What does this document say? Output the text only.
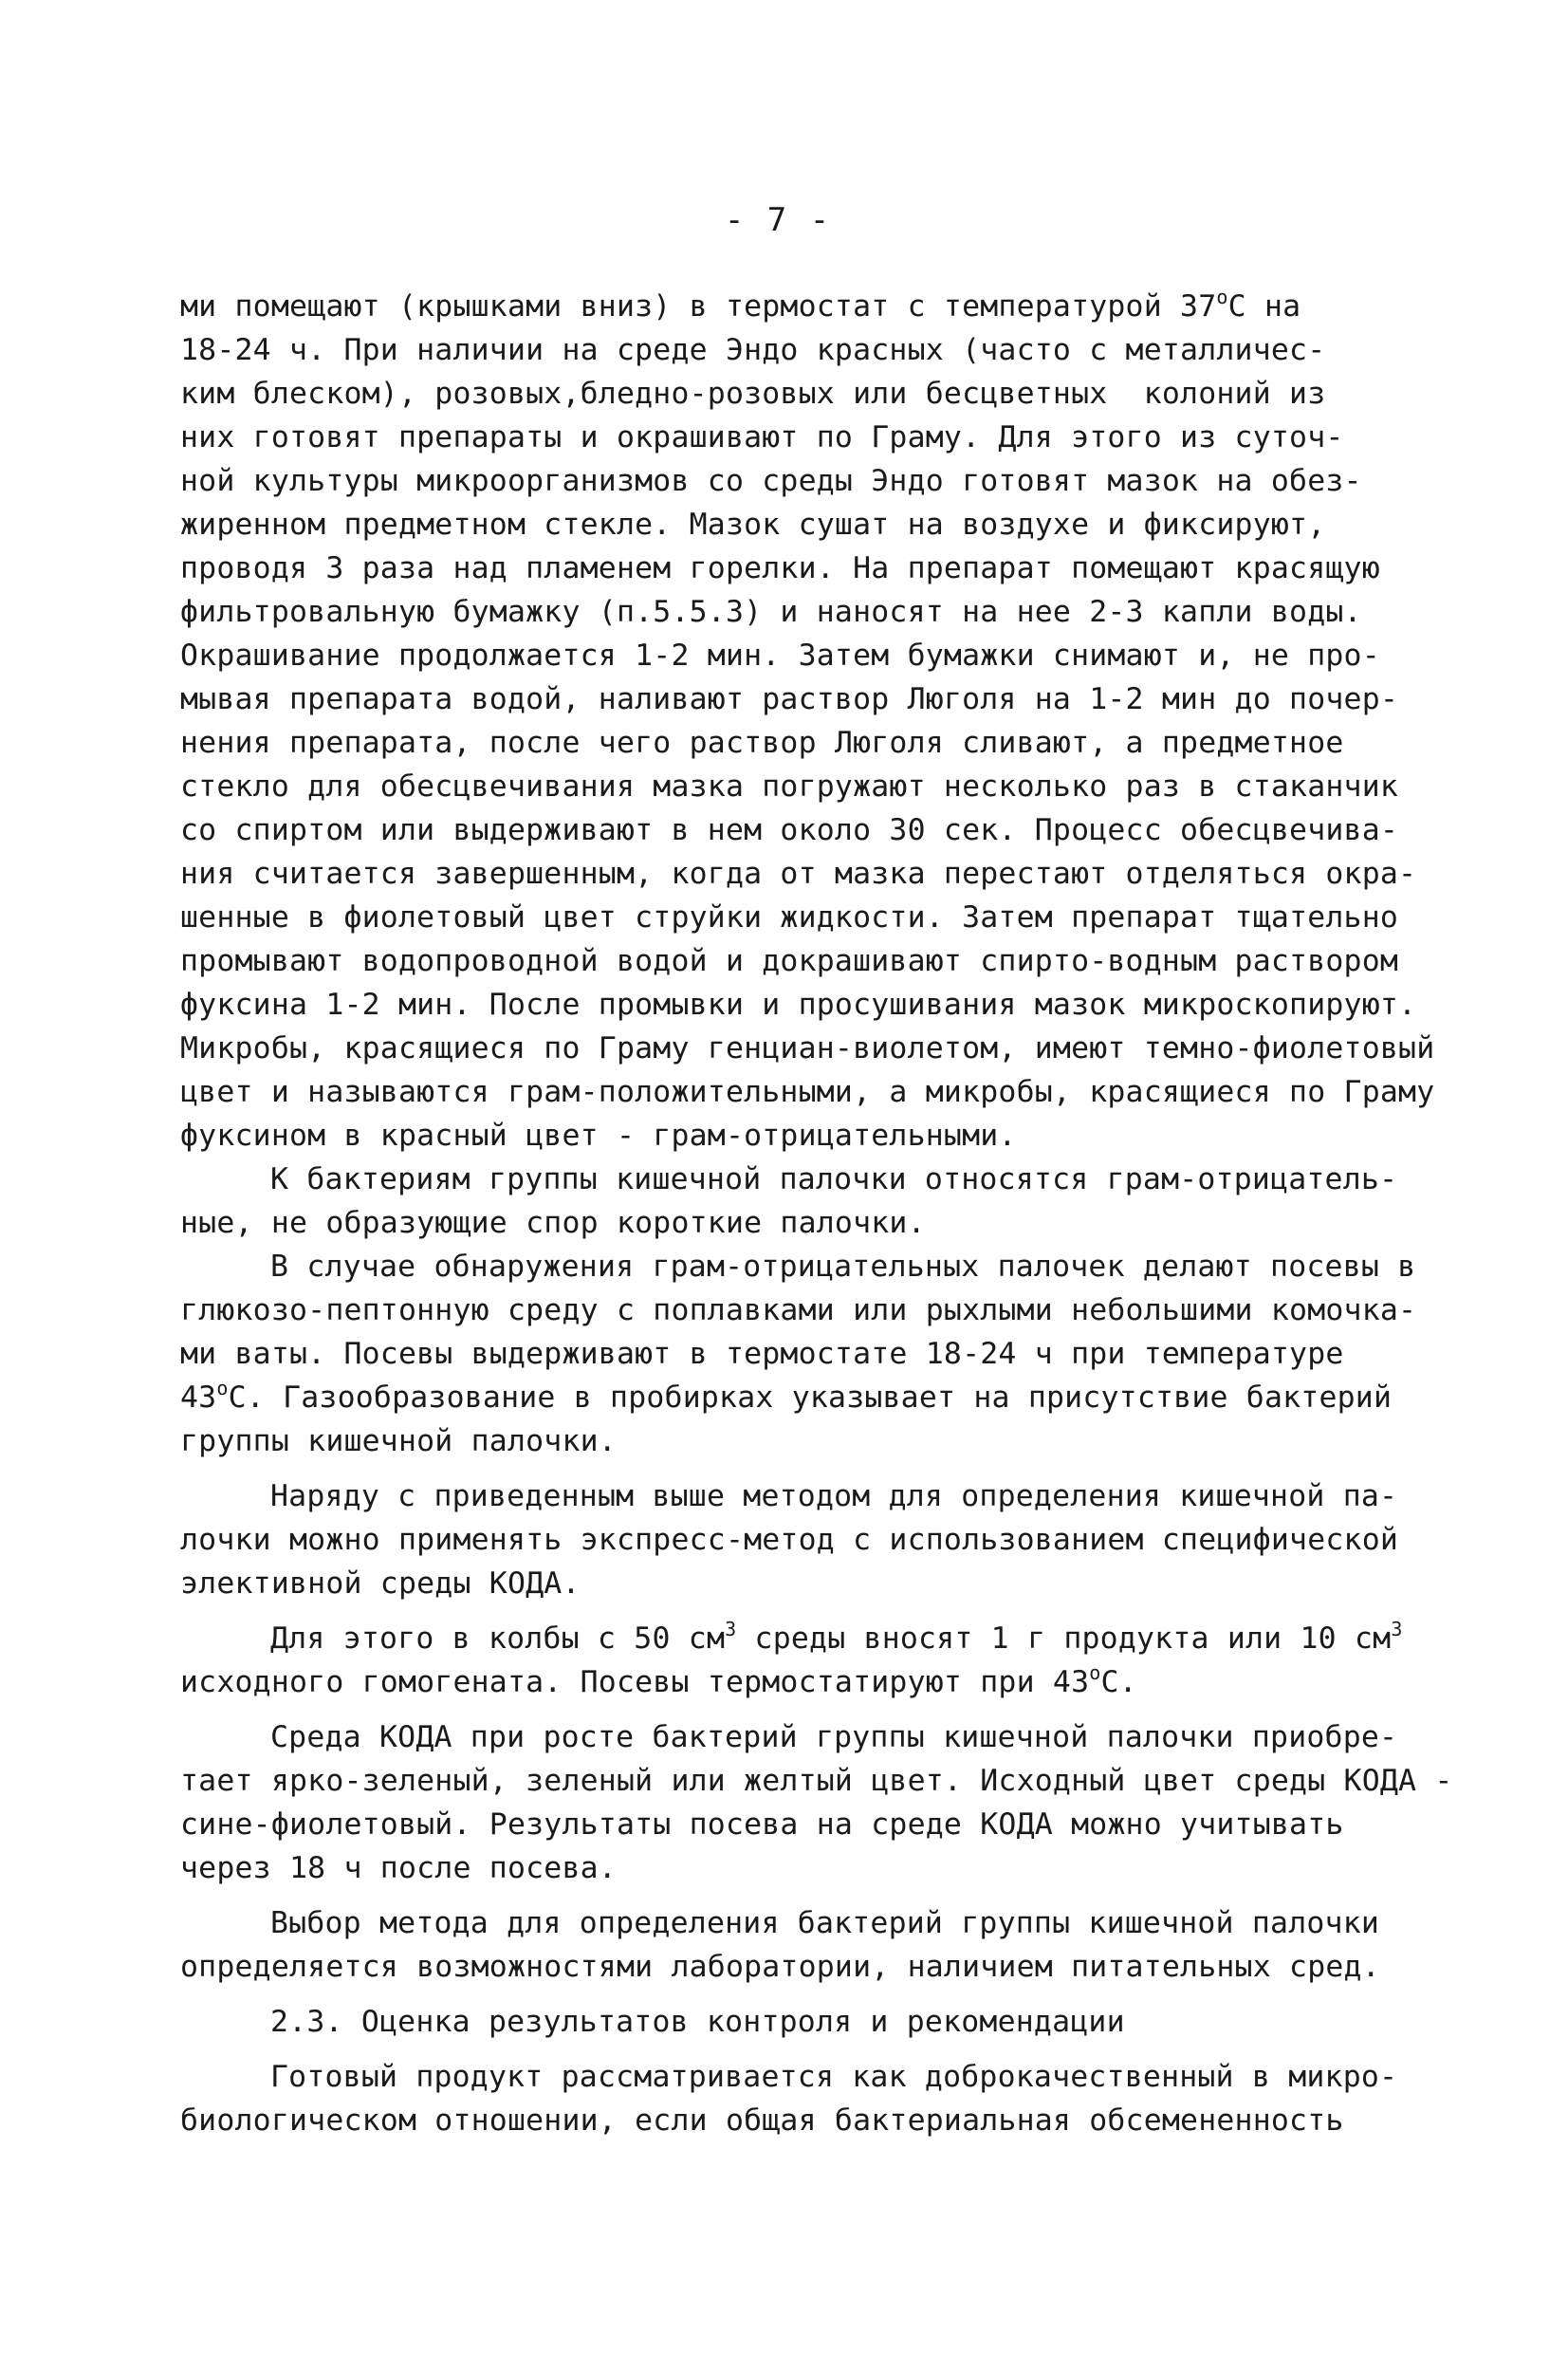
- 7 -
ми помещают (крышками вниз) в термостат с температурой $37^оС$ на
18-24 ч. При наличии на среде Эндо красных (часто с металличес-
ким блеском), розовых,бледно-розовых или бесцветных  колоний из
них готовят препараты и окрашивают по Граму. Для этого из суточ-
ной культуры микроорганизмов со среды Эндо готовят мазок на обез-
жиренном предметном стекле. Мазок сушат на воздухе и фиксируют,
проводя 3 раза над пламенем горелки. На препарат помещают красящую
фильтровальную бумажку (п.5.5.3) и наносят на нее 2-3 капли воды.
Окрашивание продолжается 1-2 мин. Затем бумажки снимают и, не про-
мывая препарата водой, наливают раствор Люголя на 1-2 мин до почер-
нения препарата, после чего раствор Люголя сливают, а предметное
стекло для обесцвечивания мазка погружают несколько раз в стаканчик
со спиртом или выдерживают в нем около 30 сек. Процесс обесцвечива-
ния считается завершенным, когда от мазка перестают отделяться окра-
шенные в фиолетовый цвет струйки жидкости. Затем препарат тщательно
промывают водопроводной водой и докрашивают спирто-водным раствором
фуксина 1-2 мин. После промывки и просушивания мазок микроскопируют.
Микробы, красящиеся по Граму генциан-виолетом, имеют темно-фиолетовый
цвет и называются грам-положительными, а микробы, красящиеся по Граму
фуксином в красный цвет - грам-отрицательными.
К бактериям группы кишечной палочки относятся грам-отрицатель-
ные, не образующие спор короткие палочки.
В случае обнаружения грам-отрицательных палочек делают посевы в
глюкозо-пептонную среду с поплавками или рыхлыми небольшими комочка-
ми ваты. Посевы выдерживают в термостате 18-24 ч при температуре
$43^оС$. Газообразование в пробирках указывает на присутствие бактерий
группы кишечной палочки.
Наряду с приведенным выше методом для определения кишечной па-
лочки можно применять экспресс-метод с использованием специфической
элективной среды КОДА.
Для этого в колбы с 50 $см^3$ среды вносят 1 г продукта или 10 $см^3$
исходного гомогената. Посевы термостатируют при $43^оС$.
Среда КОДА при росте бактерий группы кишечной палочки приобре-
тает ярко-зеленый, зеленый или желтый цвет. Исходный цвет среды КОДА -
сине-фиолетовый. Результаты посева на среде КОДА можно учитывать
через 18 ч после посева.
Выбор метода для определения бактерий группы кишечной палочки
определяется возможностями лаборатории, наличием питательных сред.
2.3. Оценка результатов контроля и рекомендации
Готовый продукт рассматривается как доброкачественный в микро-
биологическом отношении, если общая бактериальная обсемененность
